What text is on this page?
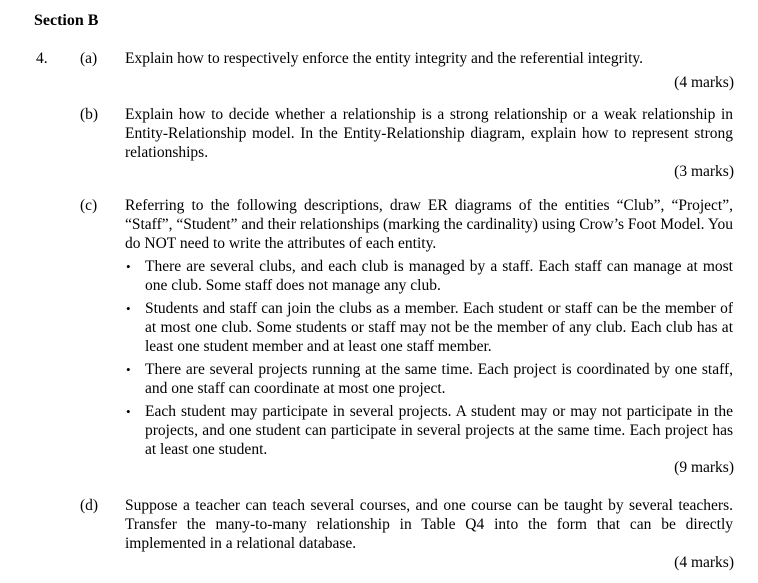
Section B
4. (a) Explain how to respectively enforce the entity integrity and the referential integrity.
(4 marks)
(b) Explain how to decide whether a relationship is a strong relationship or a weak relationship in Entity-Relationship model. In the Entity-Relationship diagram, explain how to represent strong relationships.
(3 marks)
(c) Referring to the following descriptions, draw ER diagrams of the entities “Club”, “Project”, “Staff”, “Student” and their relationships (marking the cardinality) using Crow’s Foot Model. You do NOT need to write the attributes of each entity.
• There are several clubs, and each club is managed by a staff. Each staff can manage at most one club. Some staff does not manage any club.
• Students and staff can join the clubs as a member. Each student or staff can be the member of at most one club. Some students or staff may not be the member of any club. Each club has at least one student member and at least one staff member.
• There are several projects running at the same time. Each project is coordinated by one staff, and one staff can coordinate at most one project.
• Each student may participate in several projects. A student may or may not participate in the projects, and one student can participate in several projects at the same time. Each project has at least one student.
(9 marks)
(d) Suppose a teacher can teach several courses, and one course can be taught by several teachers. Transfer the many-to-many relationship in Table Q4 into the form that can be directly implemented in a relational database.
(4 marks)
